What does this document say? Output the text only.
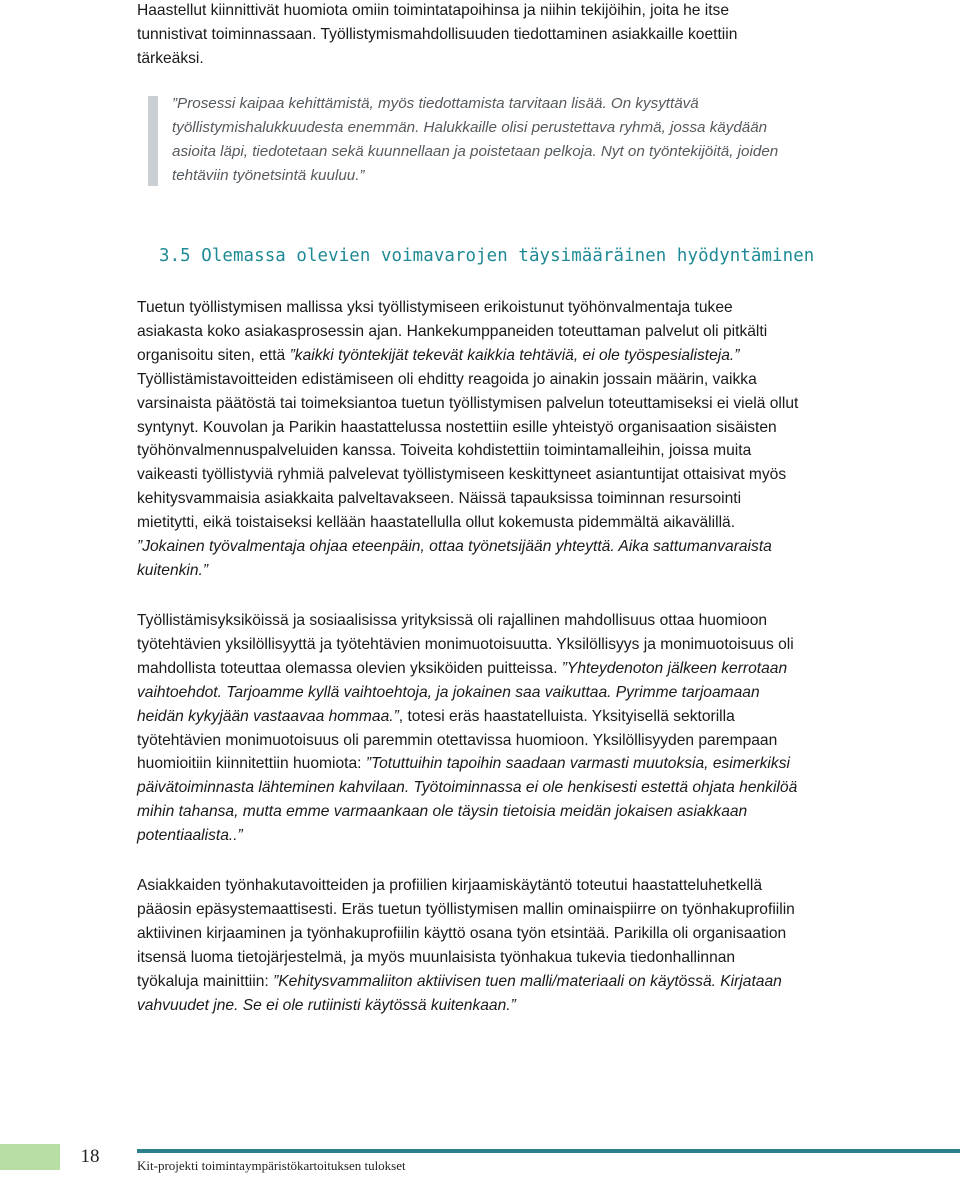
Haastellut kiinnittivät huomiota omiin toimintatapoihinsa ja niihin tekijöihin, joita he itse tunnistivat toiminnassaan. Työllistymismahdollisuuden tiedottaminen asiakkaille koettiin tärkeäksi.

”Prosessi kaipaa kehittämistä, myös tiedottamista tarvitaan lisää. On kysyttävä työllistymishalukkuudesta enemmän. Halukkaille olisi perustettava ryhmä, jossa käydään asioita läpi, tiedotetaan sekä kuunnellaan ja poistetaan pelkoja. Nyt on työntekijöitä, joiden tehtäviin työnetsintä kuuluu.”

3.5 Olemassa olevien voimavarojen täysimääräinen hyödyntäminen

Tuetun työllistymisen mallissa yksi työllistymiseen erikoistunut työhönvalmentaja tukee asiakasta koko asiakasprosessin ajan. Hankekumppaneiden toteuttaman palvelut oli pitkälti organisoitu siten, että ”kaikki työntekijät tekevät kaikkia tehtäviä, ei ole työspesialisteja.” Työllistämistavoitteiden edistämiseen oli ehditty reagoida jo ainakin jossain määrin, vaikka varsinaista päätöstä tai toimeksiantoa tuetun työllistymisen palvelun toteuttamiseksi ei vielä ollut syntynyt. Kouvolan ja Parikin haastattelussa nostettiin esille yhteistyö organisaation sisäisten työhönvalmennuspalveluiden kanssa. Toiveita kohdistettiin toimintamalleihin, joissa muita vaikeasti työllistyviä ryhmiä palvelevat työllistymiseen keskittyneet asiantuntijat ottaisivat myös kehitysvammaisia asiakkaita palveltavakseen. Näissä tapauksissa toiminnan resursointi mietitytti, eikä toistaiseksi kellään haastatellulla ollut kokemusta pidemmältä aikavälillä. ”Jokainen työvalmentaja ohjaa eteenpäin, ottaa työnetsijään yhteyttä. Aika sattumanvaraista kuitenkin.”

Työllistämisyksiköissä ja sosiaalisissa yrityksissä oli rajallinen mahdollisuus ottaa huomioon työtehtävien yksilöllisyyttä ja työtehtävien monimuotoisuutta. Yksilöllisyys ja monimuotoisuus oli mahdollista toteuttaa olemassa olevien yksiköiden puitteissa. ”Yhteydenoton jälkeen kerrotaan vaihtoehdot. Tarjoamme kyllä vaihtoehtoja, ja jokainen saa vaikuttaa. Pyrimme tarjoamaan heidän kykyjään vastaavaa hommaa.”, totesi eräs haastatelluista. Yksityisellä sektorilla työtehtävien monimuotoisuus oli paremmin otettavissa huomioon. Yksilöllisyyden parempaan huomioitiin kiinnitettiin huomiota: ”Totuttuihin tapoihin saadaan varmasti muutoksia, esimerkiksi päivätoiminnasta lähteminen kahvilaan. Työtoiminnassa ei ole henkisesti estettä ohjata henkilöä mihin tahansa, mutta emme varmaankaan ole täysin tietoisia meidän jokaisen asiakkaan potentiaalista..”

Asiakkaiden työnhakutavoitteiden ja profiilien kirjaamiskäytäntö toteutui haastatteluhetkellä pääosin epäsystemaattisesti. Eräs tuetun työllistymisen mallin ominaispiirre on työnhakuprofiilin aktiivinen kirjaaminen ja työnhakuprofiilin käyttö osana työn etsintää. Parikilla oli organisaation itsensä luoma tietojärjestelmä, ja myös muunlaisista työnhakua tukevia tiedonhallinnan työkaluja mainittiin: ”Kehitysvammaliiton aktiivisen tuen malli/materiaali on käytössä. Kirjataan vahvuudet jne. Se ei ole rutiinisti käytössä kuitenkaan.”

18	Kit-projekti toimintaympäristökartoituksen tulokset
